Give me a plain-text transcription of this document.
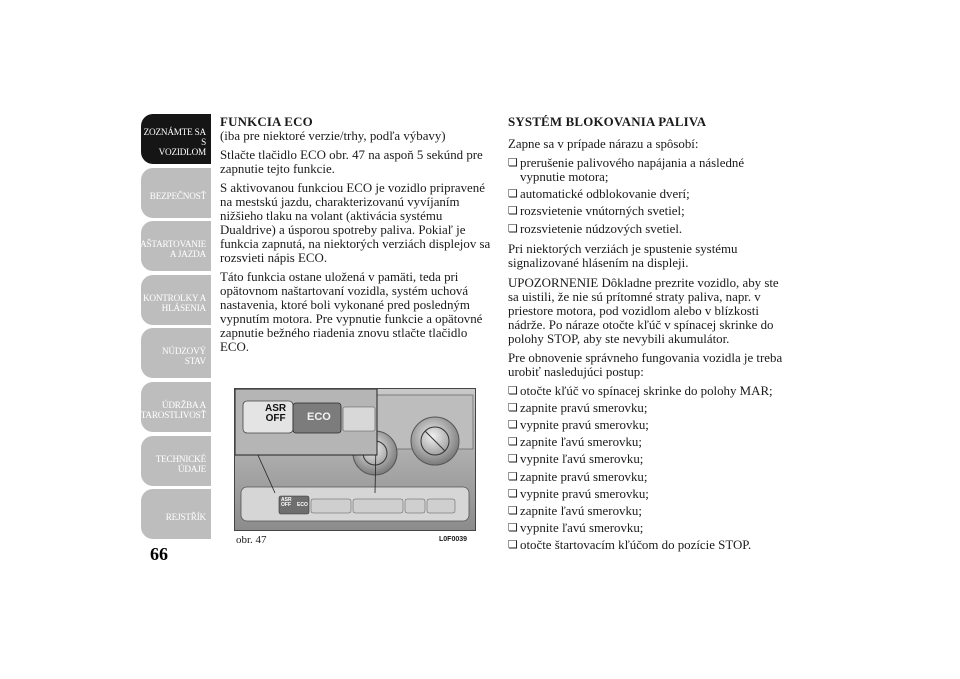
ZOZNÁMTE SA S
VOZIDLOM
BEZPEČNOSŤ
NAŠTARTOVANIE
A JAZDA
KONTROLKY A
HLÁSENIA
NÚDZOVÝ STAV
ÚDRŽBA A
STAROSTLIVOSŤ
TECHNICKÉ
ÚDAJE
REJSTŘÍK
66
FUNKCIA ECO

(iba pre niektoré verzie/trhy, podľa výbavy)

Stlačte tlačidlo ECO obr. 47 na aspoň 5 sekúnd pre zapnutie tejto funkcie.

S aktivovanou funkciou ECO je vozidlo pripravené na mestskú jazdu, charakterizovanú vyvíjaním nižšieho tlaku na volant (aktivácia systému Dualdrive) a úsporou spotreby paliva. Pokiaľ je funkcia zapnutá, na niektorých verziách displejov sa rozsvieti nápis ECO.

Táto funkcia ostane uložená v pamäti, teda pri opätovnom naštartovaní vozidla, systém uchová nastavenia, ktoré boli vykonané pred posledným vypnutím motora. Pre vypnutie funkcie a opätovné zapnutie bežného riadenia znovu stlačte tlačidlo ECO.

ASR
OFF ECO
ASR
OFF ECO
obr. 47	L0F0039
SYSTÉM BLOKOVANIA PALIVA

Zapne sa v prípade nárazu a spôsobí:

❏ prerušenie palivového napájania a následné vypnutie motora;
❏ automatické odblokovanie dverí;
❏ rozsvietenie vnútorných svetiel;
❏ rozsvietenie núdzových svetiel.

Pri niektorých verziách je spustenie systému signalizované hlásením na displeji.

UPOZORNENIE Dôkladne prezrite vozidlo, aby ste sa uistili, že nie sú prítomné straty paliva, napr. v priestore motora, pod vozidlom alebo v blízkosti nádrže. Po náraze otočte kľúč v spínacej skrinke do polohy STOP, aby ste nevybili akumulátor.

Pre obnovenie správneho fungovania vozidla je treba urobiť nasledujúci postup:

❏ otočte kľúč vo spínacej skrinke do polohy MAR;
❏ zapnite pravú smerovku;
❏ vypnite pravú smerovku;
❏ zapnite ľavú smerovku;
❏ vypnite ľavú smerovku;
❏ zapnite pravú smerovku;
❏ vypnite pravú smerovku;
❏ zapnite ľavú smerovku;
❏ vypnite ľavú smerovku;
❏ otočte štartovacím kľúčom do pozície STOP.
